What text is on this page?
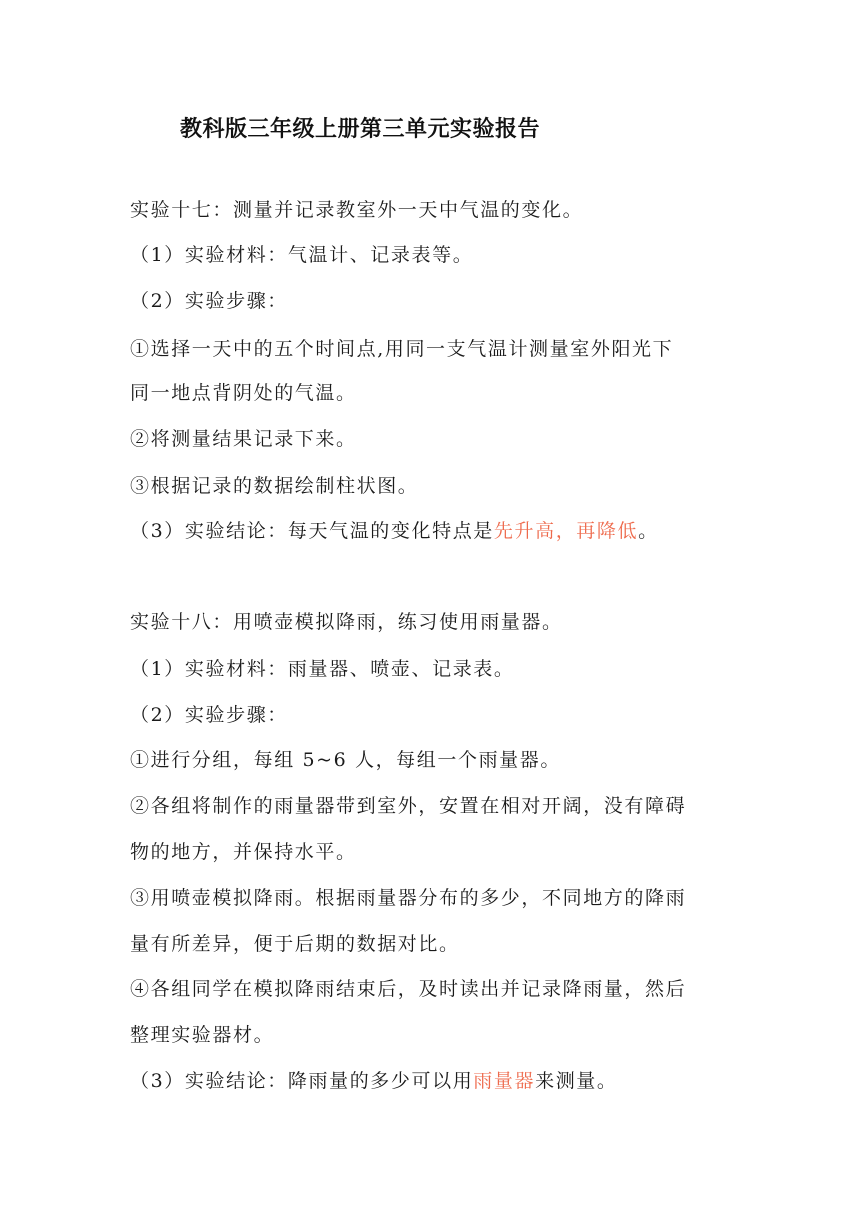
教科版三年级上册第三单元实验报告
实验十七：测量并记录教室外一天中气温的变化。
（1）实验材料：气温计、记录表等。
（2）实验步骤：
①选择一天中的五个时间点,用同一支气温计测量室外阳光下
同一地点背阴处的气温。
②将测量结果记录下来。
③根据记录的数据绘制柱状图。
（3）实验结论：每天气温的变化特点是先升高，再降低。
实验十八：用喷壶模拟降雨，练习使用雨量器。
（1）实验材料：雨量器、喷壶、记录表。
（2）实验步骤：
①进行分组，每组 5~6 人，每组一个雨量器。
②各组将制作的雨量器带到室外，安置在相对开阔，没有障碍
物的地方，并保持水平。
③用喷壶模拟降雨。根据雨量器分布的多少，不同地方的降雨
量有所差异，便于后期的数据对比。
④各组同学在模拟降雨结束后，及时读出并记录降雨量，然后
整理实验器材。
（3）实验结论：降雨量的多少可以用雨量器来测量。
